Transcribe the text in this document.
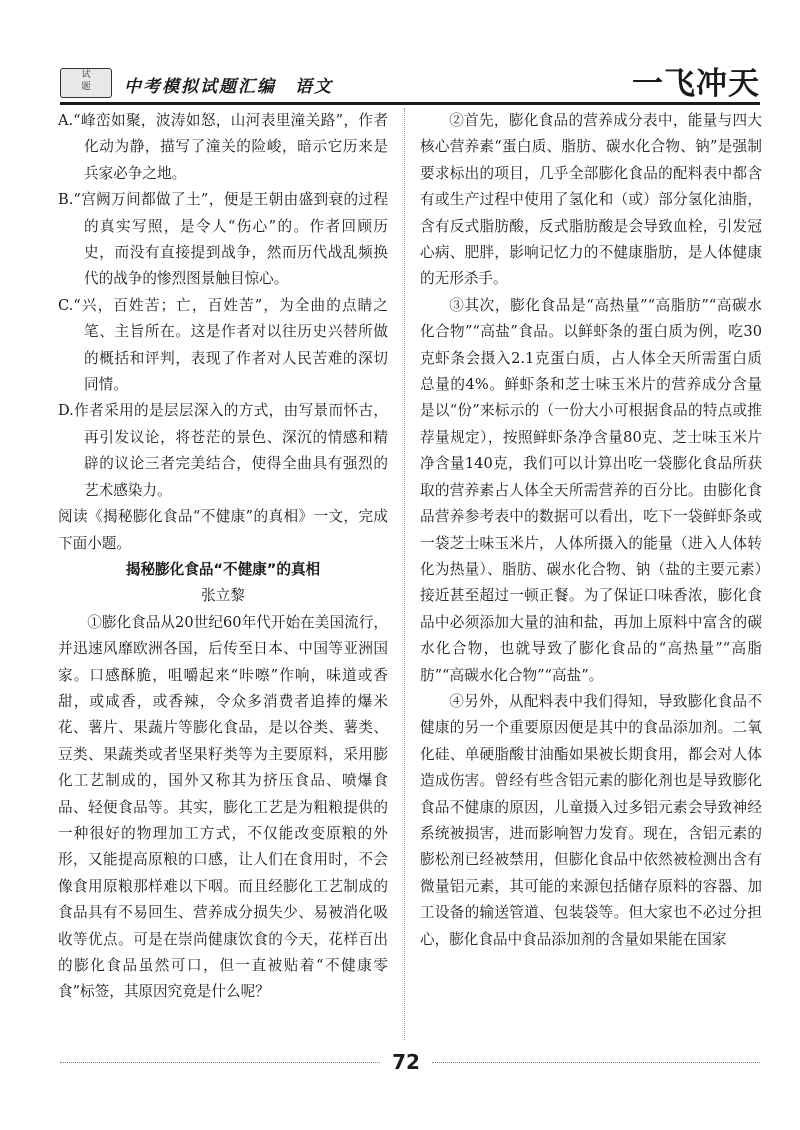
试
题	中考模拟试题汇编　语文	一飞冲天

A.“峰峦如聚，波涛如怒，山河表里潼关路”，作者化动为静，描写了潼关的险峻，暗示它历来是兵家必争之地。

B.“宫阙万间都做了土”，便是王朝由盛到衰的过程的真实写照，是令人“伤心”的。作者回顾历史，而没有直接提到战争，然而历代战乱频换代的战争的惨烈图景触目惊心。

C.“兴，百姓苦；亡，百姓苦”，为全曲的点睛之笔、主旨所在。这是作者对以往历史兴替所做的概括和评判，表现了作者对人民苦难的深切同情。

D.作者采用的是层层深入的方式，由写景而怀古，再引发议论，将苍茫的景色、深沉的情感和精辟的议论三者完美结合，使得全曲具有强烈的艺术感染力。

阅读《揭秘膨化食品“不健康”的真相》一文，完成下面小题。

揭秘膨化食品“不健康”的真相

张立黎

①膨化食品从20世纪60年代开始在美国流行，并迅速风靡欧洲各国，后传至日本、中国等亚洲国家。口感酥脆，咀嚼起来“咔嚓”作响，味道或香甜，或咸香，或香辣，令众多消费者追捧的爆米花、薯片、果蔬片等膨化食品，是以谷类、薯类、豆类、果蔬类或者坚果籽类等为主要原料，采用膨化工艺制成的，国外又称其为挤压食品、喷爆食品、轻便食品等。其实，膨化工艺是为粗粮提供的一种很好的物理加工方式，不仅能改变原粮的外形，又能提高原粮的口感，让人们在食用时，不会像食用原粮那样难以下咽。而且经膨化工艺制成的食品具有不易回生、营养成分损失少、易被消化吸收等优点。可是在崇尚健康饮食的今天，花样百出的膨化食品虽然可口，但一直被贴着“不健康零食”标签，其原因究竟是什么呢？

②首先，膨化食品的营养成分表中，能量与四大核心营养素“蛋白质、脂肪、碳水化合物、钠”是强制要求标出的项目，几乎全部膨化食品的配料表中都含有或生产过程中使用了氢化和（或）部分氢化油脂，含有反式脂肪酸，反式脂肪酸是会导致血栓，引发冠心病、肥胖，影响记忆力的不健康脂肪，是人体健康的无形杀手。

③其次，膨化食品是“高热量”“高脂肪”“高碳水化合物”“高盐”食品。以鲜虾条的蛋白质为例，吃30克虾条会摄入2.1克蛋白质，占人体全天所需蛋白质总量的4%。鲜虾条和芝士味玉米片的营养成分含量是以“份”来标示的（一份大小可根据食品的特点或推荐量规定），按照鲜虾条净含量80克、芝士味玉米片净含量140克，我们可以计算出吃一袋膨化食品所获取的营养素占人体全天所需营养的百分比。由膨化食品营养参考表中的数据可以看出，吃下一袋鲜虾条或一袋芝士味玉米片，人体所摄入的能量（进入人体转化为热量）、脂肪、碳水化合物、钠（盐的主要元素）接近甚至超过一顿正餐。为了保证口味香浓，膨化食品中必须添加大量的油和盐，再加上原料中富含的碳水化合物，也就导致了膨化食品的“高热量”“高脂肪”“高碳水化合物”“高盐”。

④另外，从配料表中我们得知，导致膨化食品不健康的另一个重要原因便是其中的食品添加剂。二氧化硅、单硬脂酸甘油酯如果被长期食用，都会对人体造成伤害。曾经有些含铝元素的膨化剂也是导致膨化食品不健康的原因，儿童摄入过多铝元素会导致神经系统被损害，进而影响智力发育。现在，含铝元素的膨松剂已经被禁用，但膨化食品中依然被检测出含有微量铝元素，其可能的来源包括储存原料的容器、加工设备的输送管道、包装袋等。但大家也不必过分担心，膨化食品中食品添加剂的含量如果能在国家

72
